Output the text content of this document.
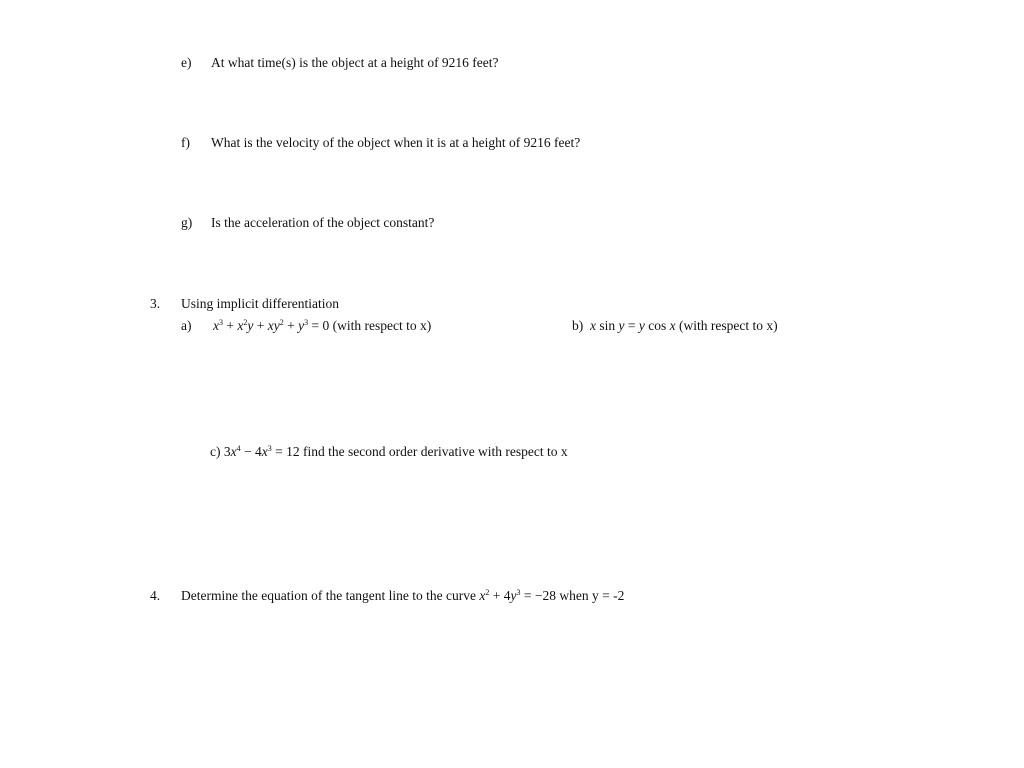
e) At what time(s) is the object at a height of 9216 feet?
f) What is the velocity of the object when it is at a height of 9216 feet?
g) Is the acceleration of the object constant?
3. Using implicit differentiation
a) $x^3 + x^2y + xy^2 + y^3 = 0$ (with respect to x)	b) x sin y = y cos x (with respect to x)
c) $3x^4 - 4x^3 = 12$ find the second order derivative with respect to x
4. Determine the equation of the tangent line to the curve $x^2 + 4y^3 = -28$ when y = -2
